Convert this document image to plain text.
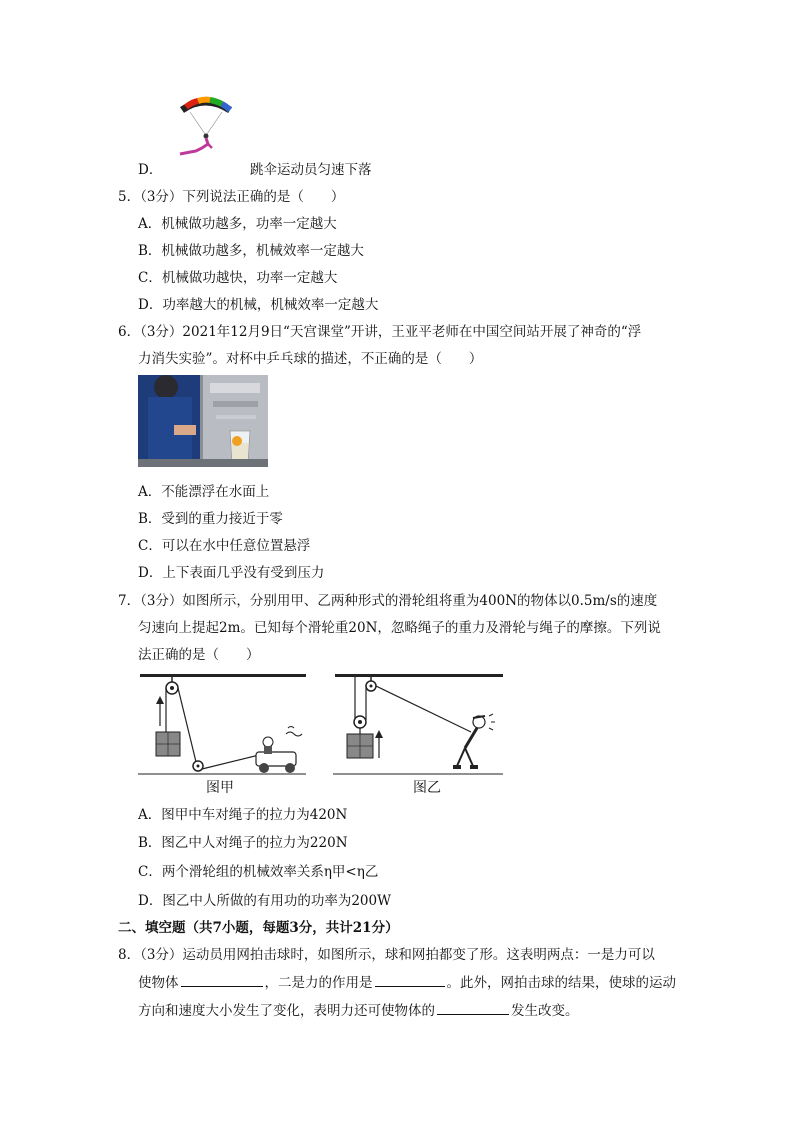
D．	跳伞运动员匀速下落
5．（3分）下列说法正确的是（　　）
A．机械做功越多，功率一定越大
B．机械做功越多，机械效率一定越大
C．机械做功越快，功率一定越大
D．功率越大的机械，机械效率一定越大
6．（3分）2021年12月9日“天宫课堂”开讲，王亚平老师在中国空间站开展了神奇的“浮
力消失实验”。对杯中乒乓球的描述，不正确的是（　　）
A．不能漂浮在水面上
B．受到的重力接近于零
C．可以在水中任意位置悬浮
D．上下表面几乎没有受到压力
7．（3分）如图所示，分别用甲、乙两种形式的滑轮组将重为400N的物体以0.5m/s的速度
匀速向上提起2m。已知每个滑轮重20N，忽略绳子的重力及滑轮与绳子的摩擦。下列说
法正确的是（　　）
图甲	图乙
A．图甲中车对绳子的拉力为420N
B．图乙中人对绳子的拉力为220N
C．两个滑轮组的机械效率关系η甲<η乙
D．图乙中人所做的有用功的功率为200W
二、填空题（共7小题，每题3分，共计21分）
8．（3分）运动员用网拍击球时，如图所示，球和网拍都变了形。这表明两点：一是力可以
使物体	，二是力的作用是	。此外，网拍击球的结果，使球的运动
方向和速度大小发生了变化，表明力还可使物体的	发生改变。
